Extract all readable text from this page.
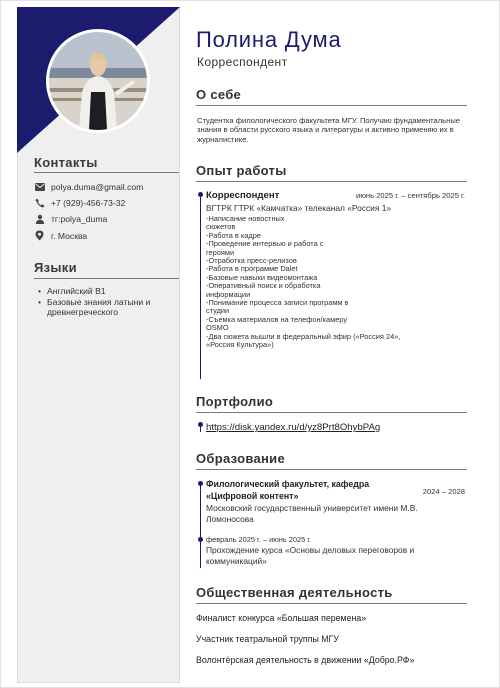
Контакты
polya.duma@gmail.com
+7 (929)-456-73-32
тг:polya_duma
г. Москва
Языки
• Английский В1
• Базовые знания латыни и древнегреческого
Полина Дума
Корреспондент
О себе
Студентка филологического факультета МГУ. Получаю фундаментальные знания в области русского языка и литературы и активно применяю их в журналистике.
Опыт работы
Корреспондент	июнь 2025 г. – сентябрь 2025 г.
ВГТРК ГТРК «Камчатка» телеканал «Россия 1»
-Написание новостных
сюжетов
-Работа в кадре
-Проведение интервью и работа с
героями
-Отработка пресс-релизов
-Работа в программе Dalet
-Базовые навыки видеомонтажа
-Оперативный поиск и обработка
информации
-Понимание процесса записи программ в
студии
-Съемка материалов на телефон/камеру
OSMO
-Два сюжета вышли в федеральный эфир («Россия 24»,
«Россия Культура»)
Портфолио
https://disk.yandex.ru/d/yz8Prt8OhybPAg
Образование
Филологический факультет, кафедра «Цифровой контент»	2024 – 2028
Московский государственный университет имени М.В. Ломоносова
февраль 2025 г. – июнь 2025 г.
Прохождение курса «Основы деловых переговоров и коммуникаций»
Общественная деятельность
Финалист конкурса «Большая перемена»
Участник театральной труппы МГУ
Волонтёрская деятельность в движении «Добро.РФ»
